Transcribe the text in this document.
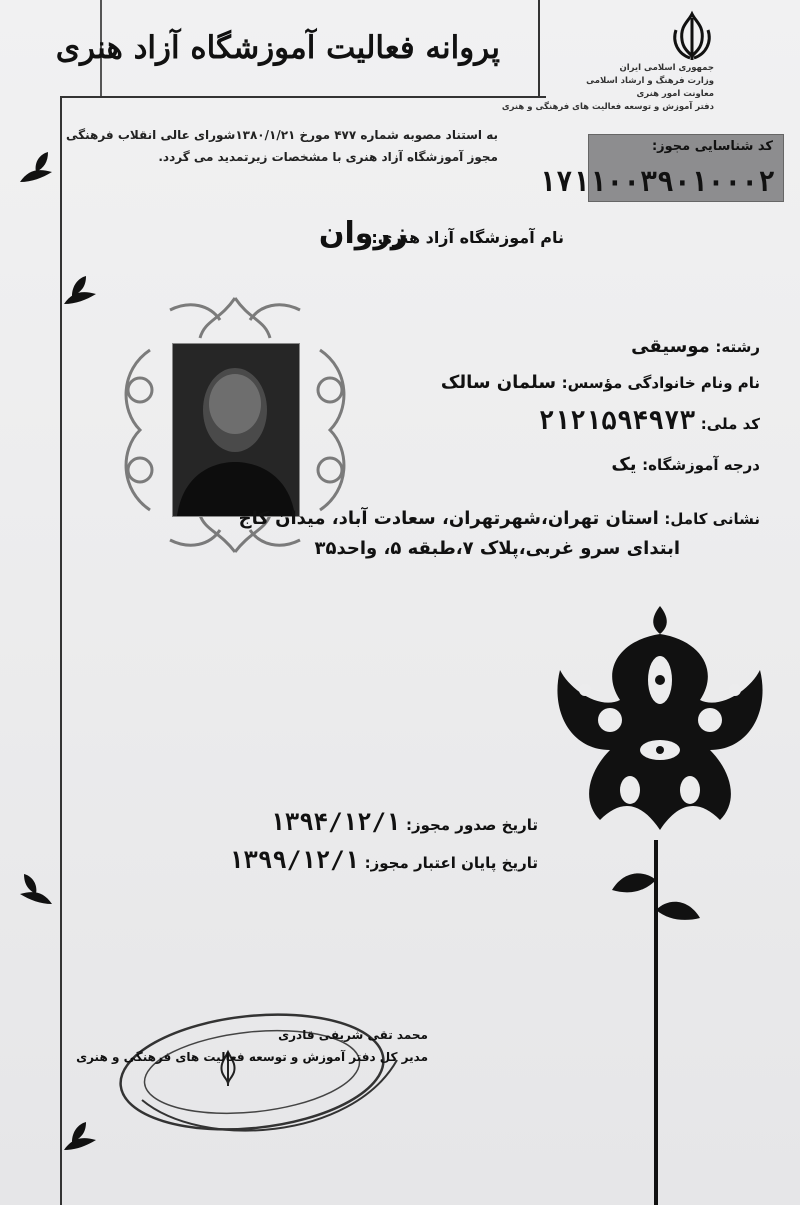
پروانه فعالیت آموزشگاه آزاد هنری
جمهوری اسلامی ایران
وزارت فرهنگ و ارشاد اسلامی
معاونت امور هنری
دفتر آموزش و توسعه فعالیت های فرهنگی و هنری
کد شناسایی مجوز:
۱۷۱۱۰۰۳۹۰۱۰۰۰۲
به استناد مصوبه شماره ۴۷۷ مورخ ۱۳۸۰/۱/۲۱شورای عالی انقلاب فرهنگی
مجوز آموزشگاه آزاد هنری با مشخصات زیرتمدید می گردد.
نام آموزشگاه آزاد هنری:
زروان
رشته: موسیقی
نام ونام خانوادگی مؤسس: سلمان سالک
کد ملی: ۲۱۲۱۵۹۴۹۷۳
درجه آموزشگاه: یک
نشانی کامل: استان تهران،شهرتهران، سعادت آباد، میدان کاج
ابتدای سرو غربی،پلاک ۷،طبقه ۵، واحد۳۵
تاریخ صدور مجوز: ۱۳۹۴/۱۲/۱
تاریخ پایان اعتبار مجوز: ۱۳۹۹/۱۲/۱
محمد تقی شریفی قادری
مدیر کل دفتر آموزش و توسعه فعالیت های فرهنگی و هنری
